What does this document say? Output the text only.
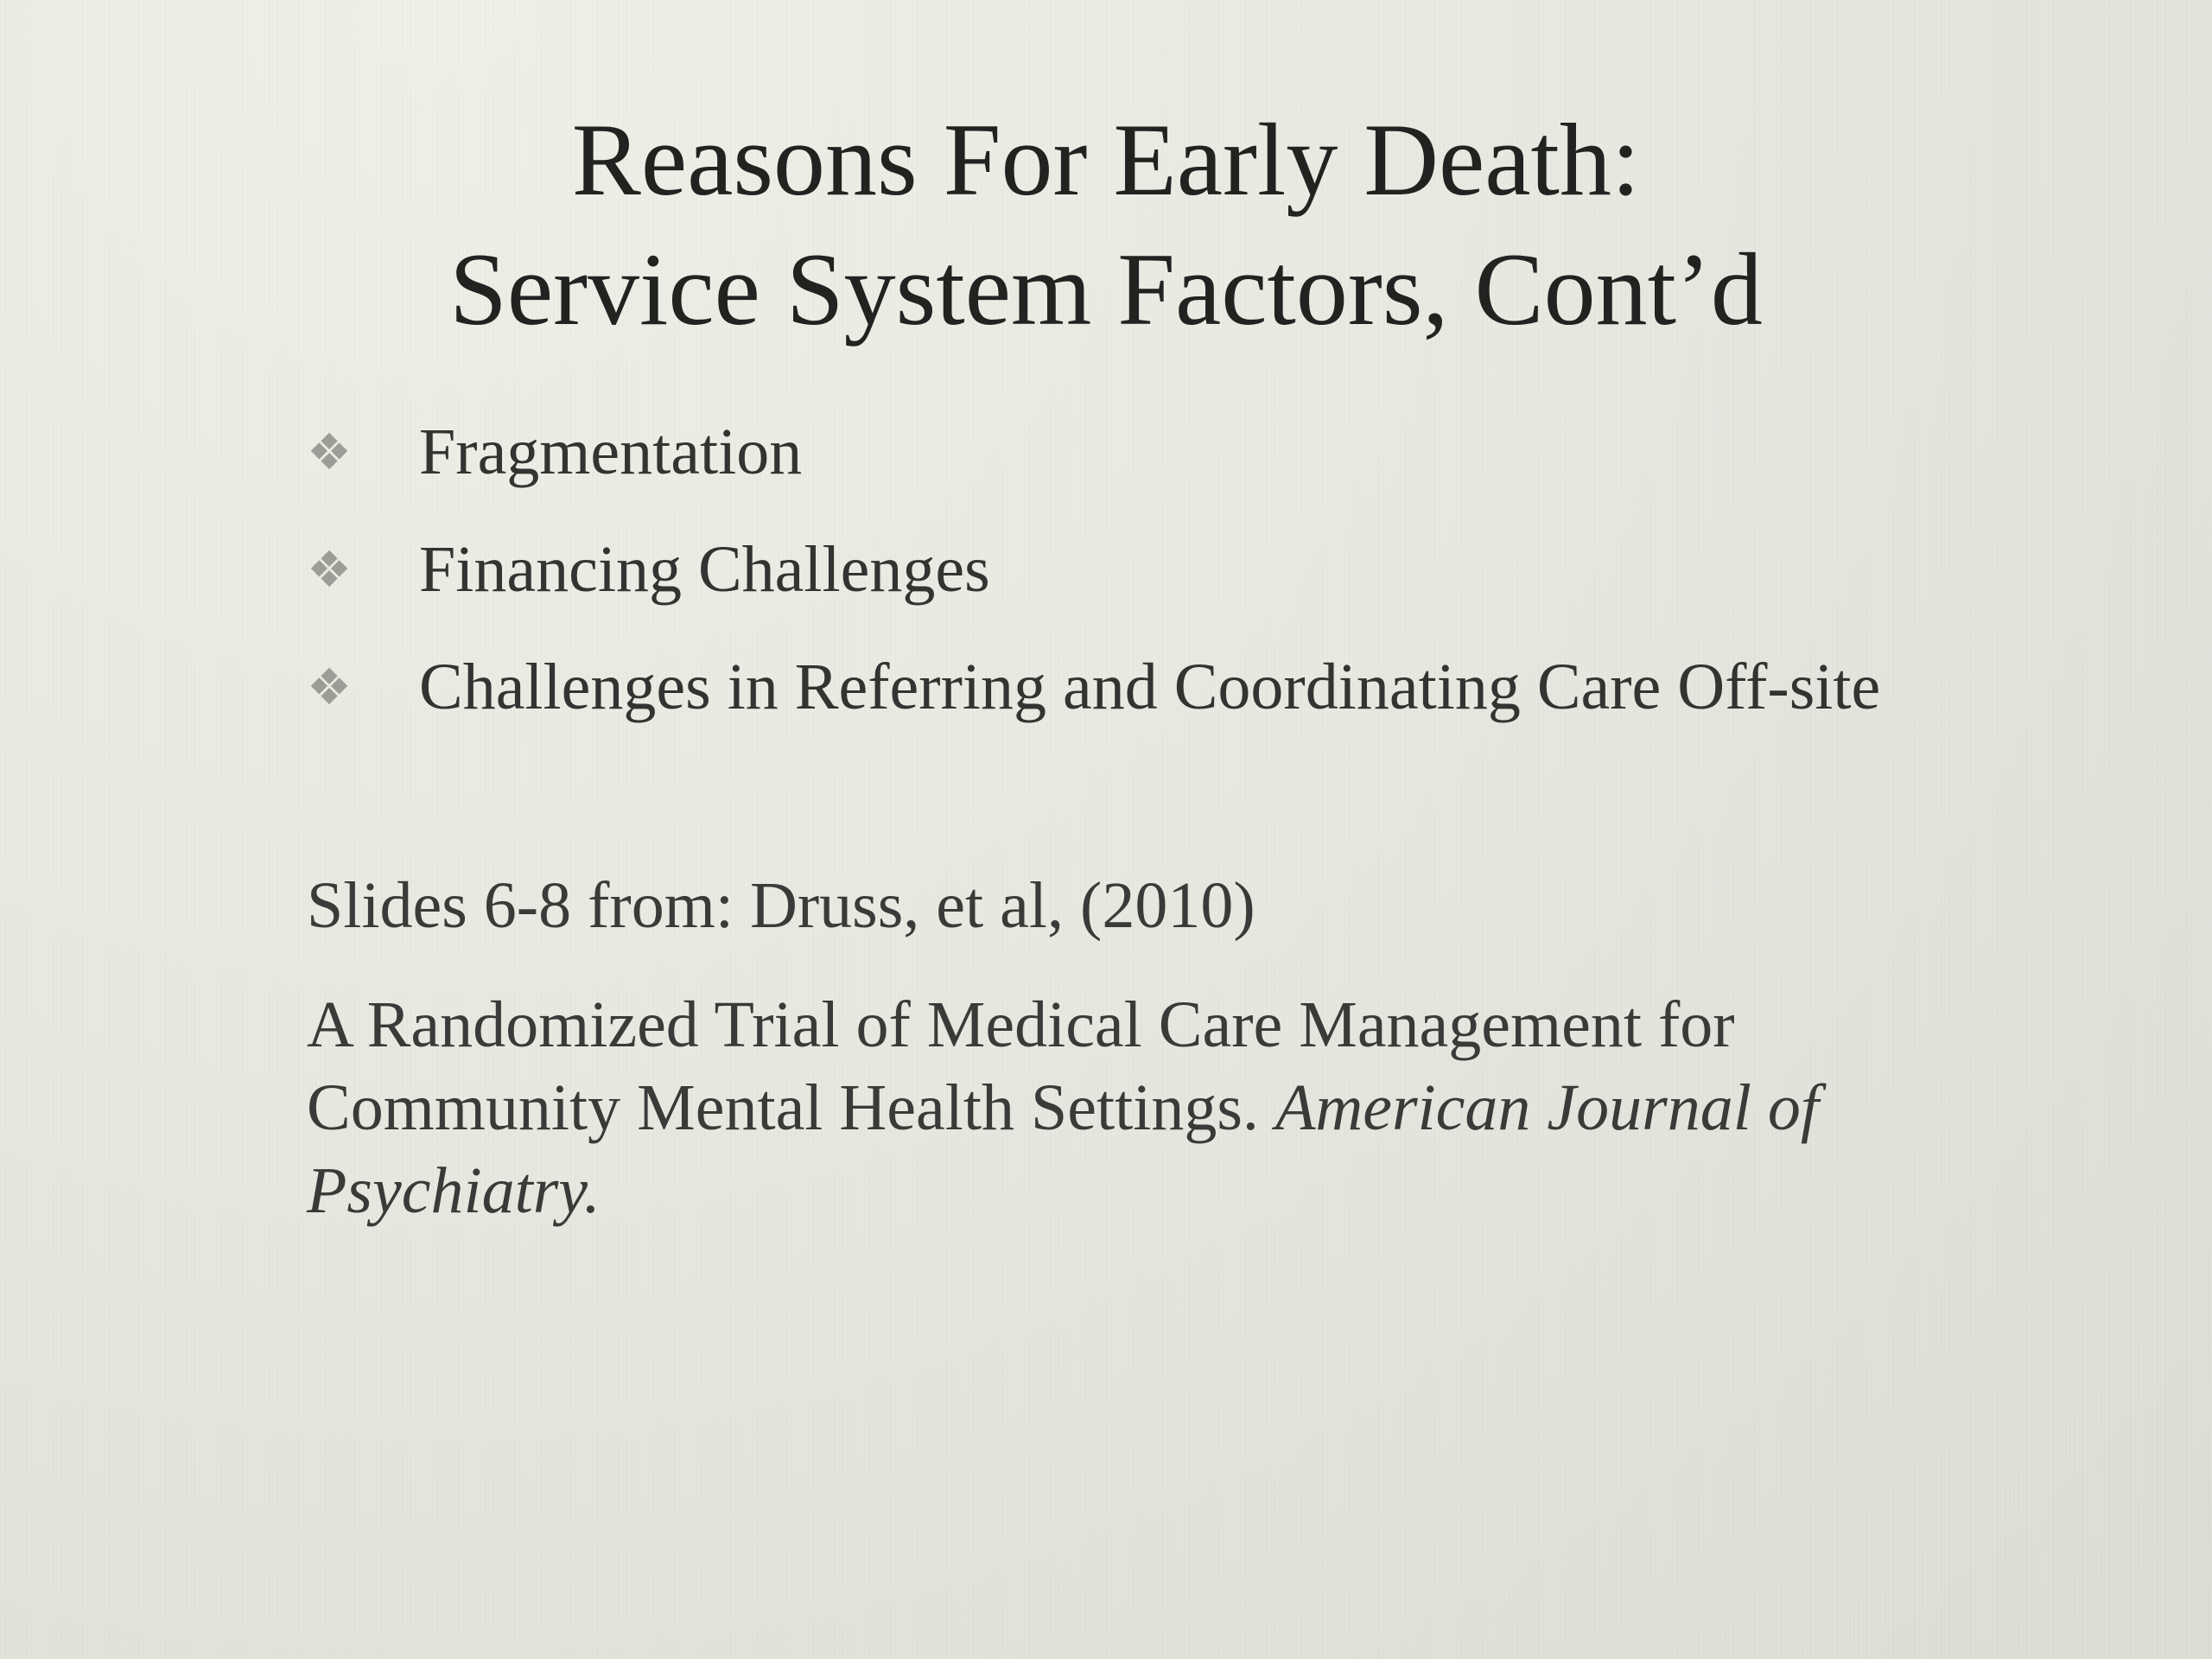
Reasons For Early Death:
Service System Factors, Cont’d
❖	Fragmentation
❖	Financing Challenges
❖	Challenges in Referring and Coordinating Care Off-site

Slides 6-8 from: Druss, et al, (2010)

A Randomized Trial of Medical Care Management for Community Mental Health Settings. American Journal of Psychiatry.
